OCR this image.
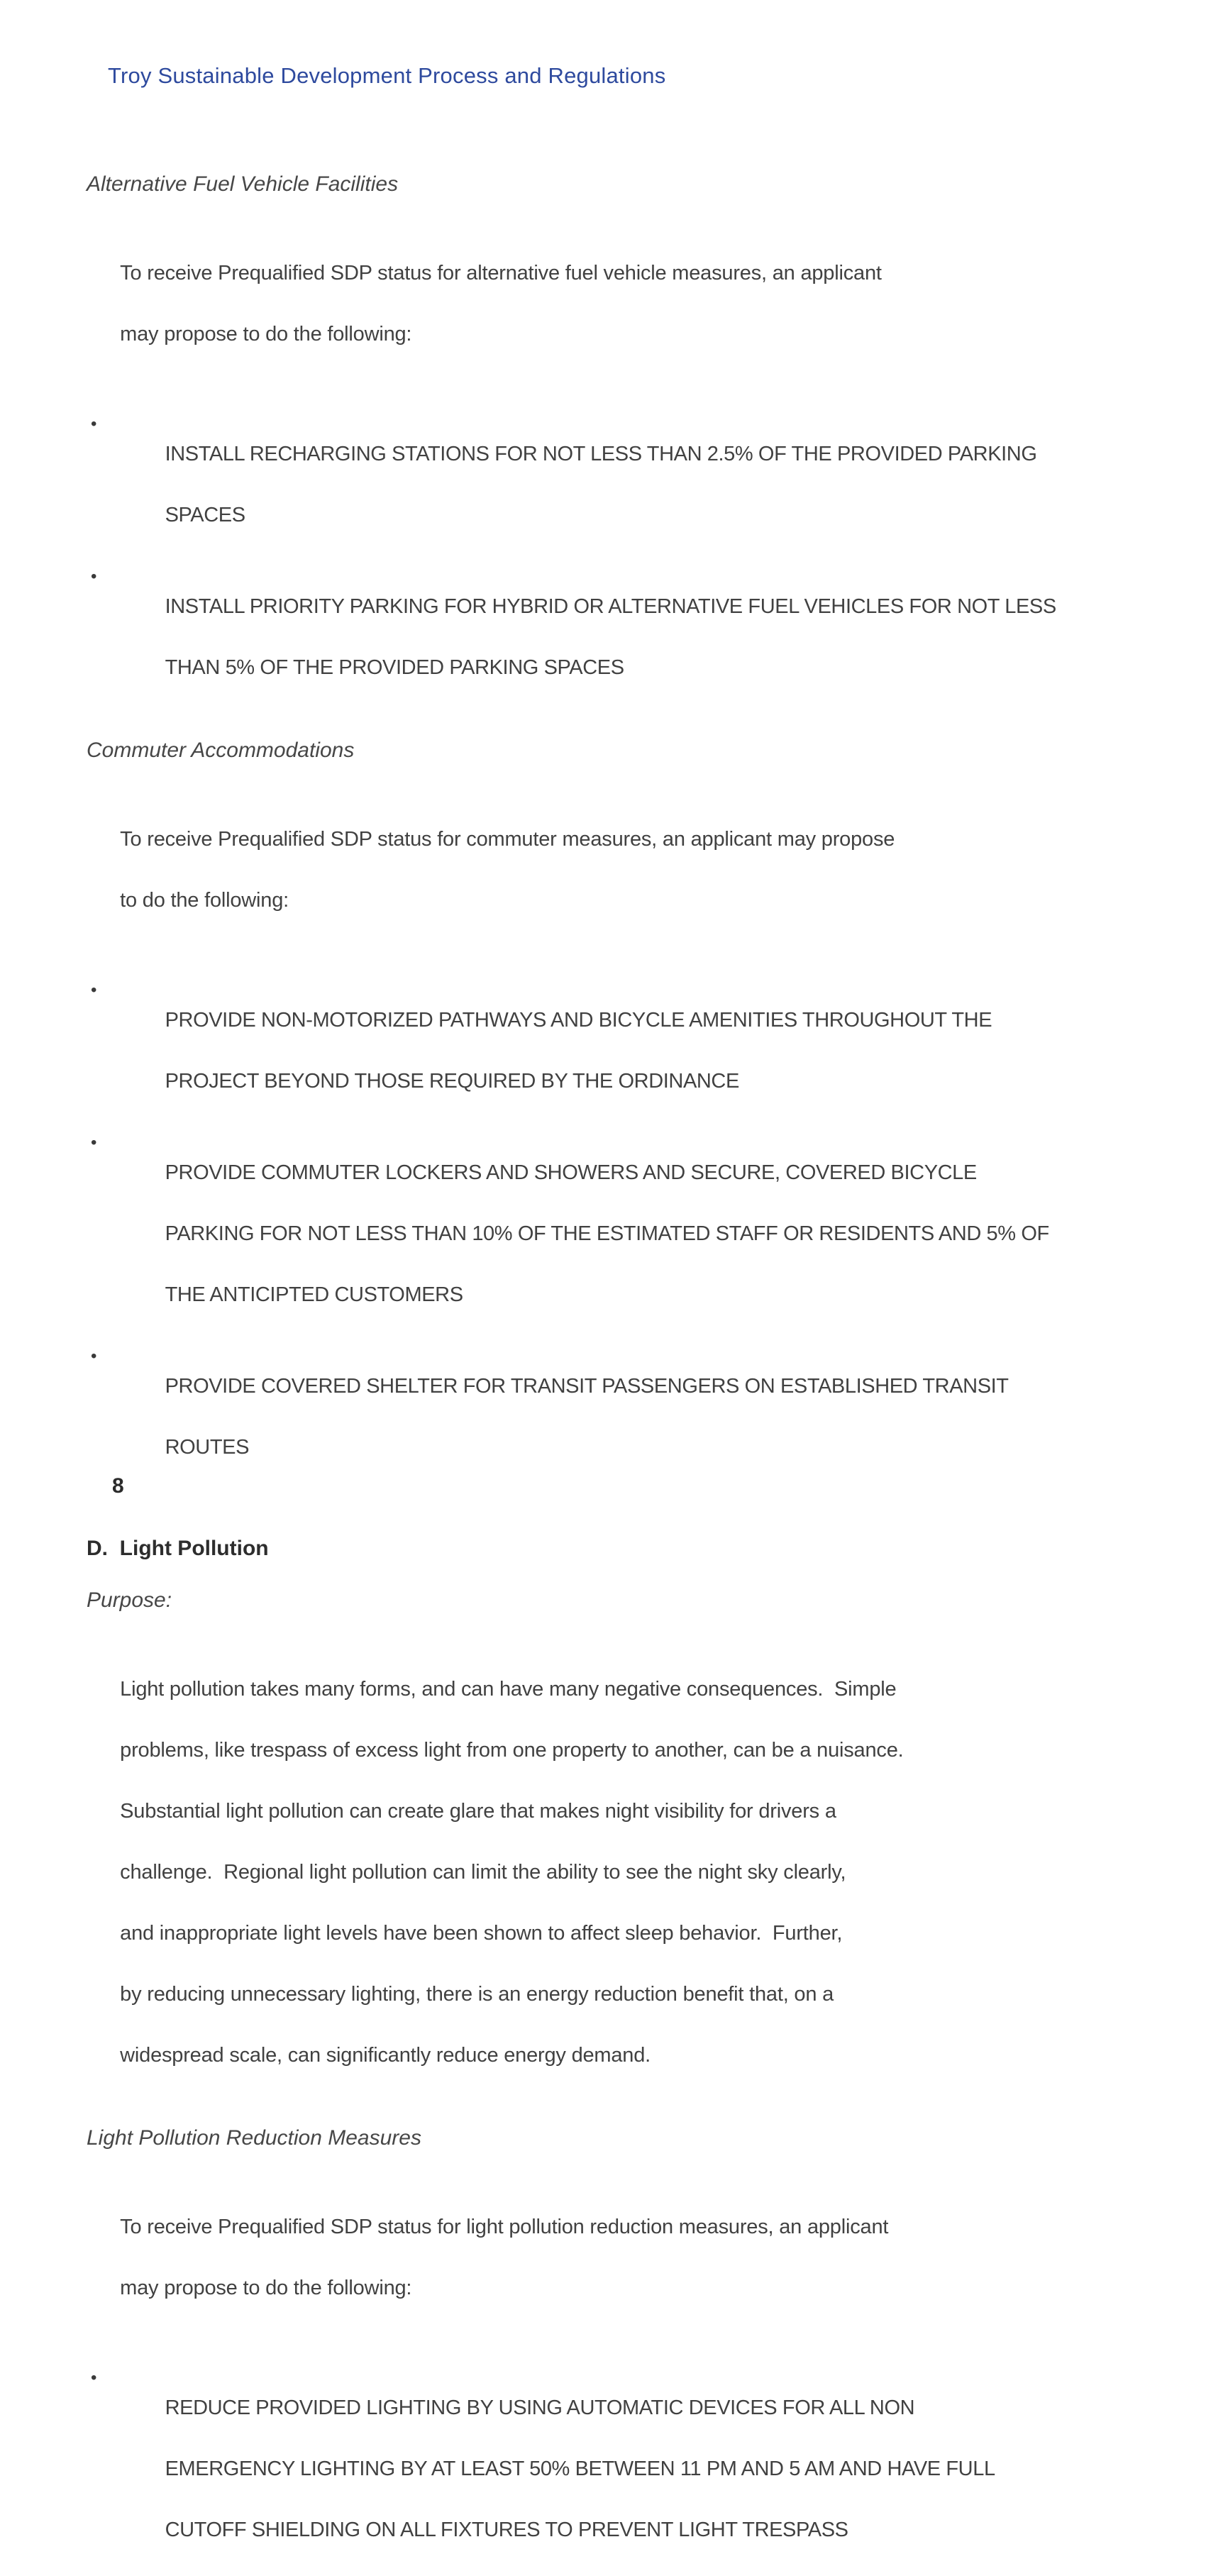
Troy Sustainable Development Process and Regulations
Alternative Fuel Vehicle Facilities

To receive Prequalified SDP status for alternative fuel vehicle measures, an applicant

may propose to do the following:

•

INSTALL RECHARGING STATIONS FOR NOT LESS THAN 2.5% OF THE PROVIDED PARKING

SPACES

•

INSTALL PRIORITY PARKING FOR HYBRID OR ALTERNATIVE FUEL VEHICLES FOR NOT LESS

THAN 5% OF THE PROVIDED PARKING SPACES

Commuter Accommodations

To receive Prequalified SDP status for commuter measures, an applicant may propose

to do the following:

•

PROVIDE NON-MOTORIZED PATHWAYS AND BICYCLE AMENITIES THROUGHOUT THE

PROJECT BEYOND THOSE REQUIRED BY THE ORDINANCE

•

PROVIDE COMMUTER LOCKERS AND SHOWERS AND SECURE, COVERED BICYCLE

PARKING FOR NOT LESS THAN 10% OF THE ESTIMATED STAFF OR RESIDENTS AND 5% OF

THE ANTICIPTED CUSTOMERS

•

PROVIDE COVERED SHELTER FOR TRANSIT PASSENGERS ON ESTABLISHED TRANSIT

ROUTES

D.  Light Pollution
Purpose:

Light pollution takes many forms, and can have many negative consequences.  Simple

problems, like trespass of excess light from one property to another, can be a nuisance.

Substantial light pollution can create glare that makes night visibility for drivers a

challenge.  Regional light pollution can limit the ability to see the night sky clearly,

and inappropriate light levels have been shown to affect sleep behavior.  Further,

by reducing unnecessary lighting, there is an energy reduction benefit that, on a

widespread scale, can significantly reduce energy demand.

Light Pollution Reduction Measures

To receive Prequalified SDP status for light pollution reduction measures, an applicant

may propose to do the following:

•

REDUCE PROVIDED LIGHTING BY USING AUTOMATIC DEVICES FOR ALL NON

EMERGENCY LIGHTING BY AT LEAST 50% BETWEEN 11 PM AND 5 AM AND HAVE FULL

CUTOFF SHIELDING ON ALL FIXTURES TO PREVENT LIGHT TRESPASS

8
